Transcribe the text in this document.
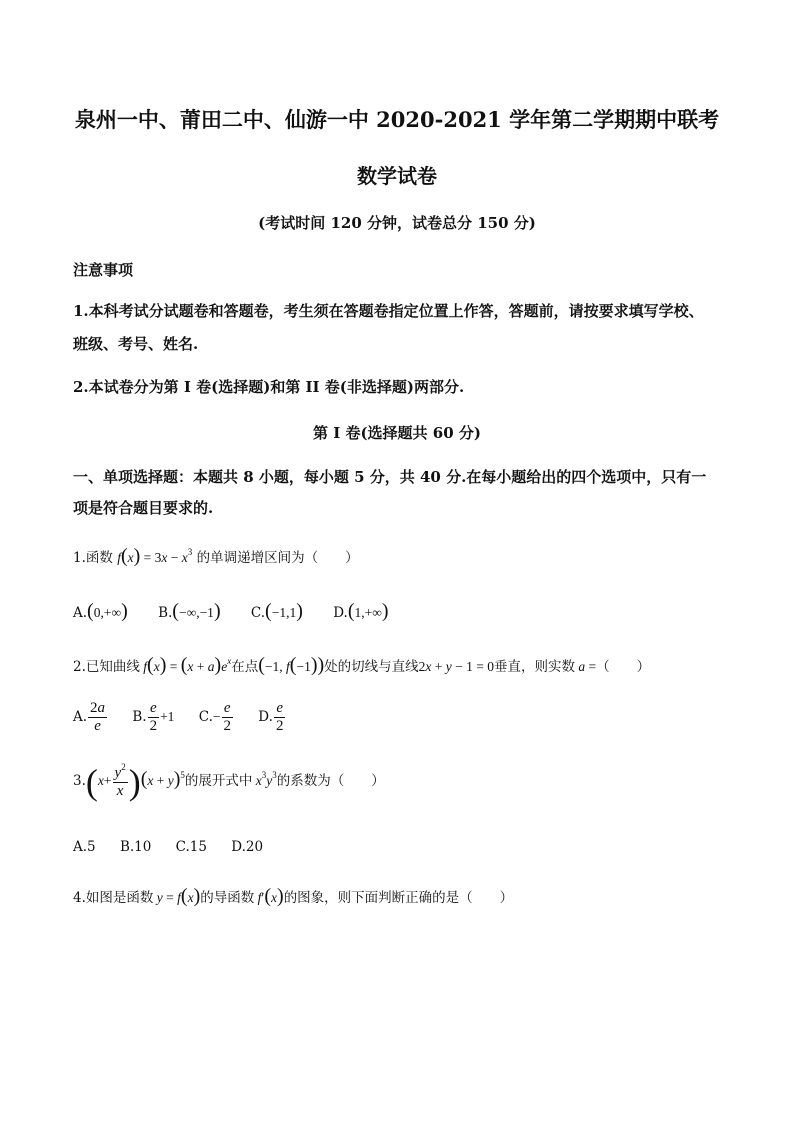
泉州一中、莆田二中、仙游一中 2020-2021 学年第二学期期中联考
数学试卷
(考试时间 120 分钟，试卷总分 150 分)
注意事项
1.本科考试分试题卷和答题卷，考生须在答题卷指定位置上作答，答题前，请按要求填写学校、
班级、考号、姓名.
2.本试卷分为第 I 卷(选择题)和第 II 卷(非选择题)两部分.
第 I 卷(选择题共 60 分)
一、单项选择题：本题共 8 小题，每小题 5 分，共 40 分.在每小题给出的四个选项中，只有一
项是符合题目要求的.
1.函数 $f(x) = 3x - x^3$ 的单调递增区间为（　　）
A.(0,+∞) B.(−∞,−1) C.(−1,1) D.(1,+∞)
2.已知曲线 $f(x) = (x + a)e^x$在点(−1, f(−1))处的切线与直线2x + y − 1 = 0垂直，则实数 a =（　　）
A. $\frac{2a}{e} B$. $\frac{e}{2} +1$ $C.- \frac{e}{2} D$. $\frac{e}{2}$
$3.(x+ \frac{y^2}{x} )(x + y)^5$的展开式中 $x^3y^3$的系数为（　　）
A.5 B.10 C.15 D.20
4.如图是函数 y = f(x)的导函数 f′(x)的图象，则下面判断正确的是（　　）
